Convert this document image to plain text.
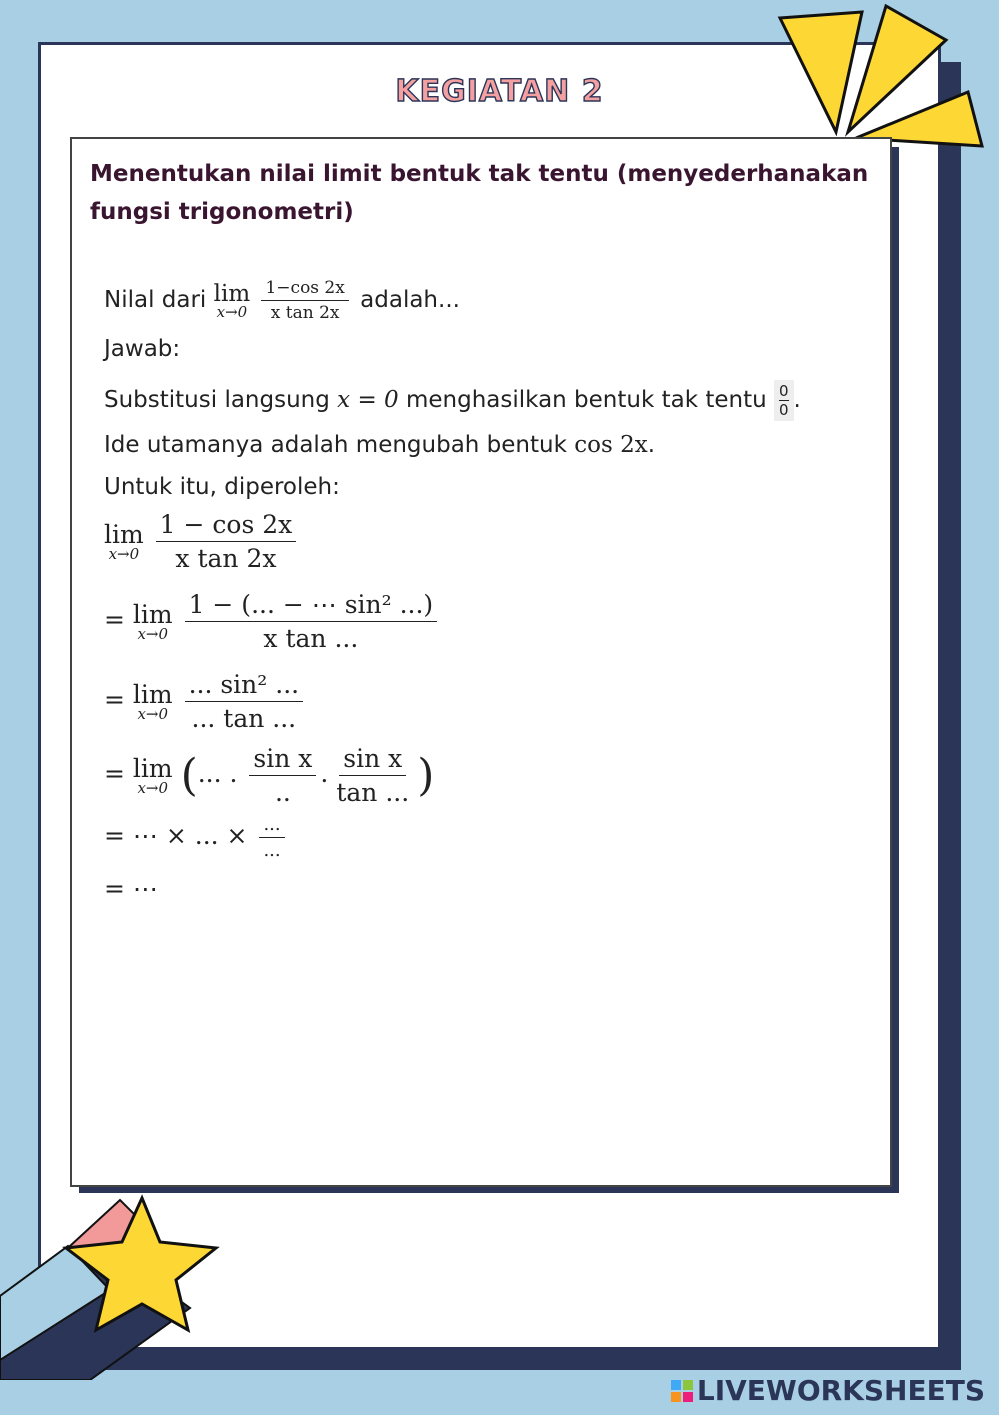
KEGIATAN 2
Menentukan nilai limit bentuk tak tentu (menyederhanakan fungsi trigonometri)
Nilal dari lim
x→0
$\frac{1-\cos 2x}{\text{x tan 2x}}$ adalah...
Jawab:
Substitusi langsung x = 0 menghasilkan bentuk tak tentu $\frac{0}{0}$ .
Ide utamanya adalah mengubah bentuk cos 2x.
Untuk itu, diperoleh:
lim
x→0
$\frac{1 - \cos 2x}{\text{x tan 2x}}$
= lim
x→0
$\frac{\text{1 − (... − ⋯ sin² ...)}}{\text{x tan ...}}$
= lim
x→0
$\frac{\text{... sin² ...}}{... \tan ...}$
= lim
x→0 (... . $\frac{\text{sin x}}{..}$ . $\frac{\text{sin x}}{\tan ...}$ )
= ⋯ × ... × $\frac{...}{...}$
= ⋯
LIVEWORKSHEETS
